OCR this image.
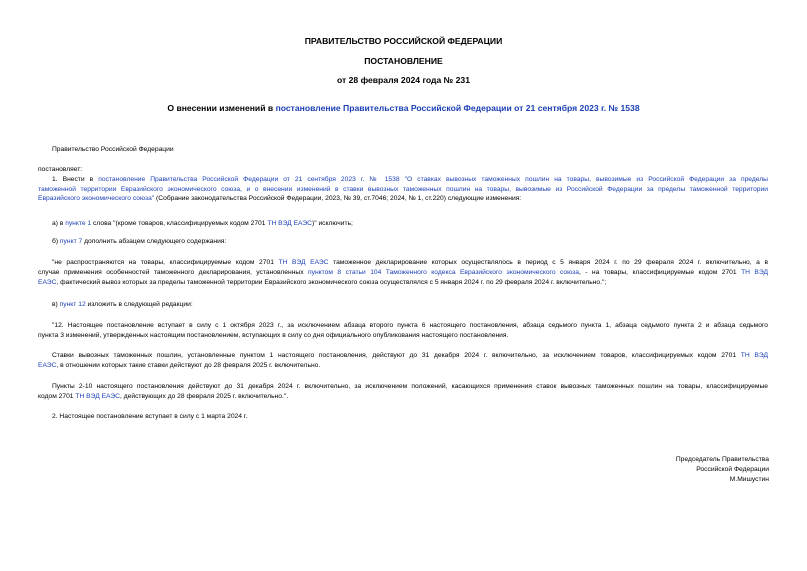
ПРАВИТЕЛЬСТВО РОССИЙСКОЙ ФЕДЕРАЦИИ
ПОСТАНОВЛЕНИЕ
от 28 февраля 2024 года № 231
О внесении изменений в постановление Правительства Российской Федерации от 21 сентября 2023 г. № 1538
Правительство Российской Федерации
постановляет:
1. Внести в постановление Правительства Российской Федерации от 21 сентября 2023 г. № 1538 "О ставках вывозных таможенных пошлин на товары, вывозимые из Российской Федерации за пределы
таможенной территории Евразийского экономического союза, и о внесении изменений в ставки вывозных таможенных пошлин на товары, вывозимые из Российской Федерации за пределы таможенной территории
Евразийского экономического союза" (Собрание законодательства Российской Федерации, 2023, № 39, ст.7046; 2024, № 1, ст.220) следующие изменения:
а) в пункте 1 слова "(кроме товаров, классифицируемых кодом 2701 ТН ВЭД ЕАЭС)" исключить;
б) пункт 7 дополнить абзацем следующего содержания:
"не распространяются на товары, классифицируемые кодом 2701 ТН ВЭД ЕАЭС таможенное декларирование которых осуществлялось в период с 5 января 2024 г. по 29 февраля 2024 г. включительно, а в
случае применения особенностей таможенного декларирования, установленных пунктом 8 статьи 104 Таможенного кодекса Евразийского экономического союза, - на товары, классифицируемые кодом 2701 ТН ВЭД
ЕАЭС, фактический вывоз которых за пределы таможенной территории Евразийского экономического союза осуществлялся с 5 января 2024 г. по 29 февраля 2024 г. включительно.";
в) пункт 12 изложить в следующей редакции:
"12. Настоящее постановление вступает в силу с 1 октября 2023 г., за исключением абзаца второго пункта 6 настоящего постановления, абзаца седьмого пункта 1, абзаца седьмого пункта 2 и абзаца седьмого
пункта 3 изменений, утвержденных настоящим постановлением, вступающих в силу со дня официального опубликования настоящего постановления.
Ставки вывозных таможенных пошлин, установленные пунктом 1 настоящего постановления, действуют до 31 декабря 2024 г. включительно, за исключением товаров, классифицируемых кодом 2701 ТН ВЭД
ЕАЭС, в отношении которых такие ставки действуют до 28 февраля 2025 г. включительно.
Пункты 2-10 настоящего постановления действуют до 31 декабря 2024 г. включительно, за исключением положений, касающихся применения ставок вывозных таможенных пошлин на товары, классифицируемые
кодом 2701 ТН ВЭД ЕАЭС, действующих до 28 февраля 2025 г. включительно.".
2. Настоящее постановление вступает в силу с 1 марта 2024 г.
Председатель Правительства
Российской Федерации
М.Мишустин
